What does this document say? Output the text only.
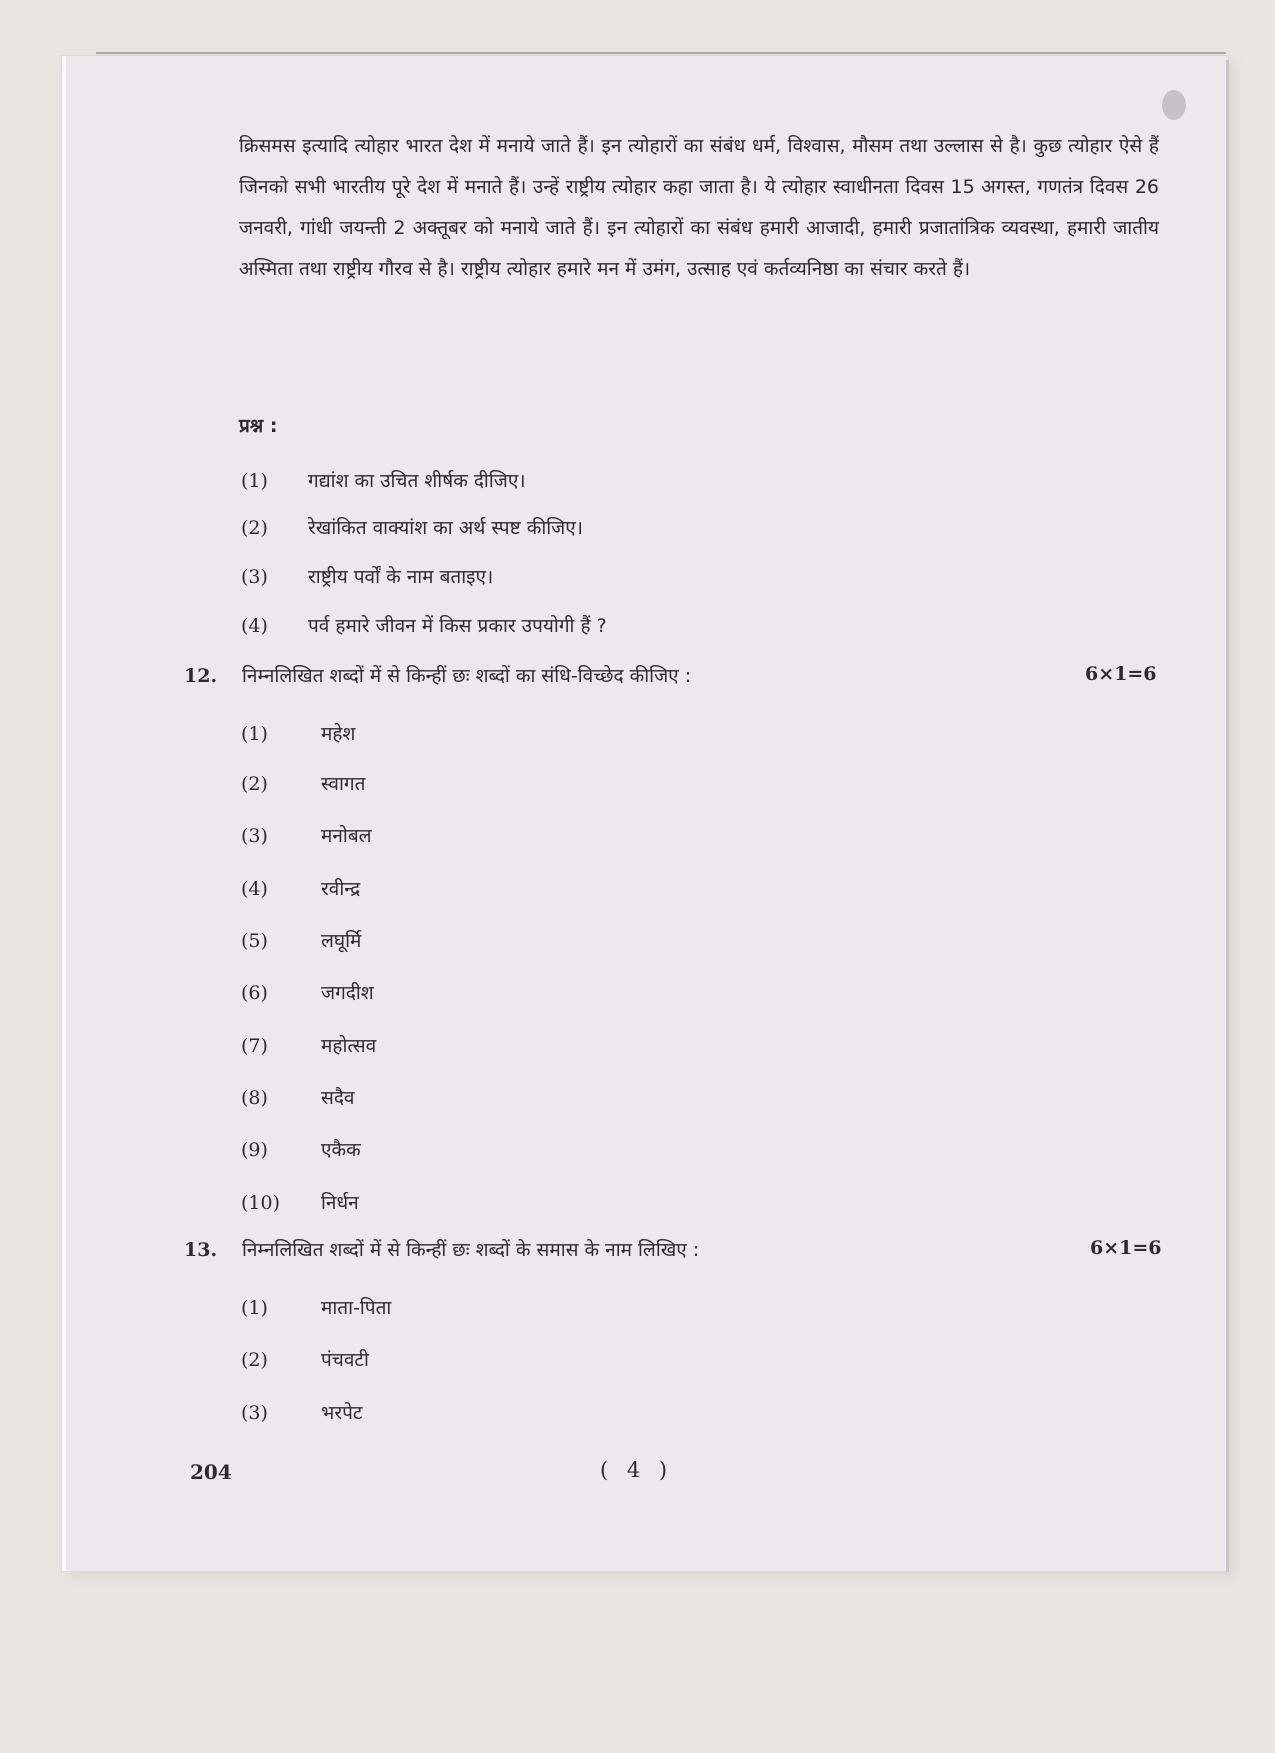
क्रिसमस इत्यादि त्योहार भारत देश में मनाये जाते हैं। इन त्योहारों का संबंध धर्म, विश्वास, मौसम तथा उल्लास से है। कुछ त्योहार ऐसे हैं जिनको सभी भारतीय पूरे देश में मनाते हैं। उन्हें राष्ट्रीय त्योहार कहा जाता है। ये त्योहार स्वाधीनता दिवस 15 अगस्त, गणतंत्र दिवस 26 जनवरी, गांधी जयन्ती 2 अक्तूबर को मनाये जाते हैं। इन त्योहारों का संबंध हमारी आजादी, हमारी प्रजातांत्रिक व्यवस्था, हमारी जातीय अस्मिता तथा राष्ट्रीय गौरव से है। राष्ट्रीय त्योहार हमारे मन में उमंग, उत्साह एवं कर्तव्यनिष्ठा का संचार करते हैं।

प्रश्न :

(1) गद्यांश का उचित शीर्षक दीजिए।
(2) रेखांकित वाक्यांश का अर्थ स्पष्ट कीजिए।
(3) राष्ट्रीय पर्वों के नाम बताइए।
(4) पर्व हमारे जीवन में किस प्रकार उपयोगी हैं ?
12. निम्नलिखित शब्दों में से किन्हीं छः शब्दों का संधि-विच्छेद कीजिए :	6×1=6
(1)	महेश
(2)	स्वागत
(3)	मनोबल
(4)	रवीन्द्र
(5)	लघूर्मि
(6)	जगदीश
(7)	महोत्सव
(8)	सदैव
(9)	एकैक
(10) निर्धन
13. निम्नलिखित शब्दों में से किन्हीं छः शब्दों के समास के नाम लिखिए :	6×1=6
(1)	माता-पिता
(2)	पंचवटी
(3)	भरपेट
204	( 4 )
